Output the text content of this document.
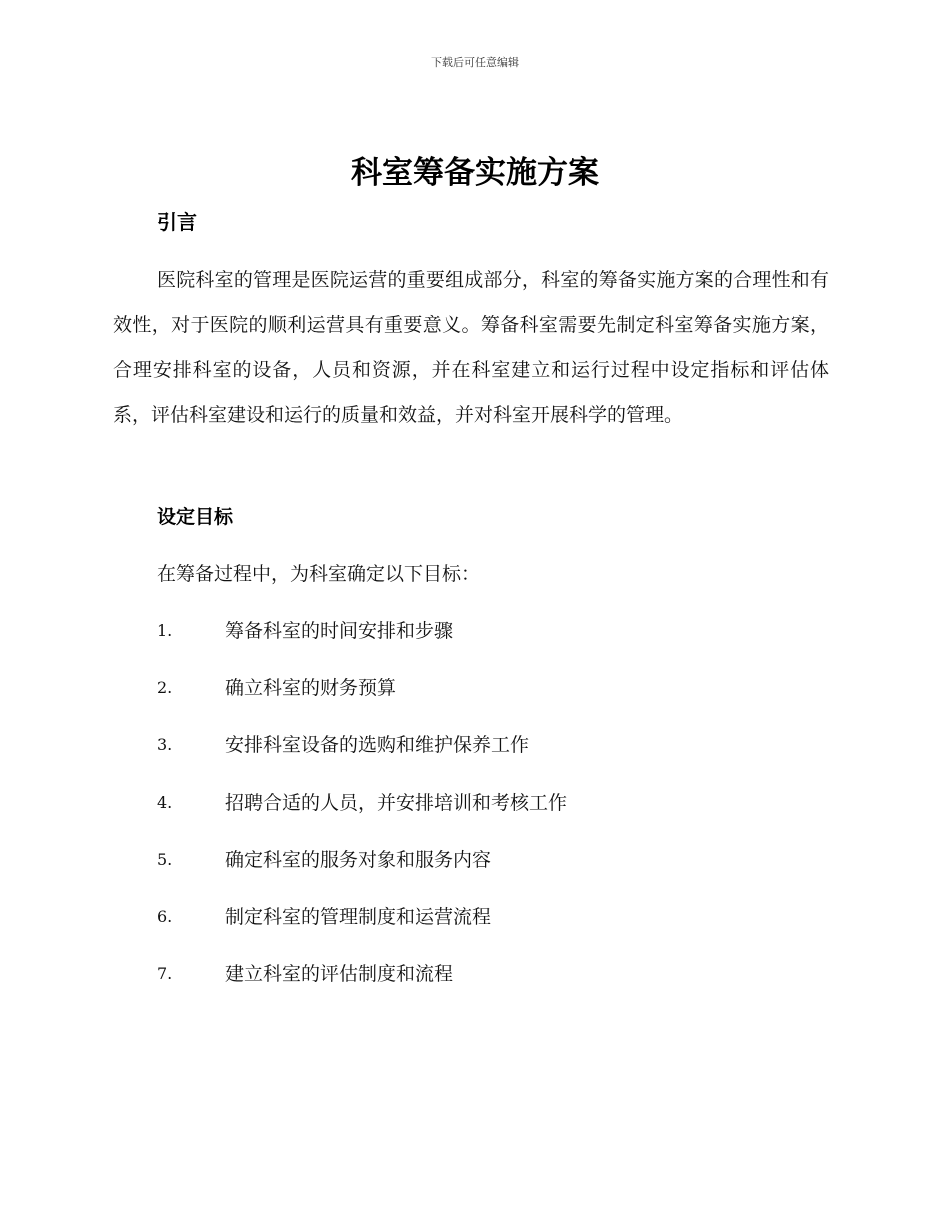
下载后可任意编辑
科室筹备实施方案
引言

医院科室的管理是医院运营的重要组成部分，科室的筹备实施方案的合理性和有效性，对于医院的顺利运营具有重要意义。筹备科室需要先制定科室筹备实施方案，合理安排科室的设备，人员和资源，并在科室建立和运行过程中设定指标和评估体系，评估科室建设和运行的质量和效益，并对科室开展科学的管理。

设定目标
在筹备过程中，为科室确定以下目标：
1.	筹备科室的时间安排和步骤
2.	确立科室的财务预算
3.	安排科室设备的选购和维护保养工作
4.	招聘合适的人员，并安排培训和考核工作
5.	确定科室的服务对象和服务内容
6.	制定科室的管理制度和运营流程
7.	建立科室的评估制度和流程
